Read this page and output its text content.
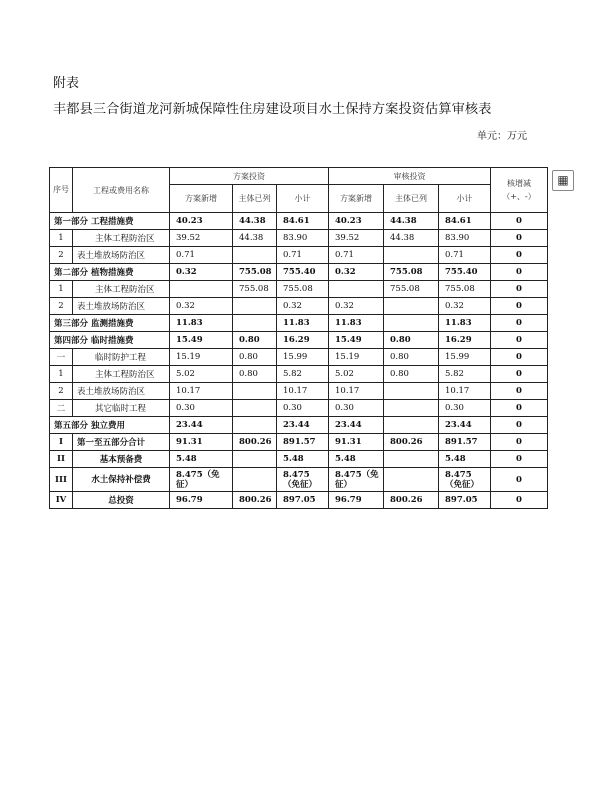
附表
丰都县三合街道龙河新城保障性住房建设项目水土保持方案投资估算审核表
单元：万元
▦
序号	工程或费用名称	方案投资			审核投资			核增减（+、-）
		方案新增	主体已列	小计	方案新增	主体已列	小计	
第一部分 工程措施费		40.23	44.38	84.61	40.23	44.38	84.61	0
1	主体工程防治区	39.52	44.38	83.90	39.52	44.38	83.90	0
2	表土堆放场防治区	0.71		0.71	0.71		0.71	0
第二部分 植物措施费		0.32	755.08	755.40	0.32	755.08	755.40	0
1	主体工程防治区		755.08	755.08		755.08	755.08	0
2	表土堆放场防治区	0.32		0.32	0.32		0.32	0
第三部分 监测措施费		11.83		11.83	11.83		11.83	0
第四部分 临时措施费		15.49	0.80	16.29	15.49	0.80	16.29	0
一	临时防护工程	15.19	0.80	15.99	15.19	0.80	15.99	0
1	主体工程防治区	5.02	0.80	5.82	5.02	0.80	5.82	0
2	表土堆放场防治区	10.17		10.17	10.17		10.17	0
二	其它临时工程	0.30		0.30	0.30		0.30	0
第五部分 独立费用		23.44		23.44	23.44		23.44	0
I	第一至五部分合计	91.31	800.26	891.57	91.31	800.26	891.57	0
II	基本预备费	5.48		5.48	5.48		5.48	0
III	水土保持补偿费	8.475（免征）		8.475（免征）	8.475（免征）		8.475（免征）	0
IV	总投资	96.79	800.26	897.05	96.79	800.26	897.05	0
